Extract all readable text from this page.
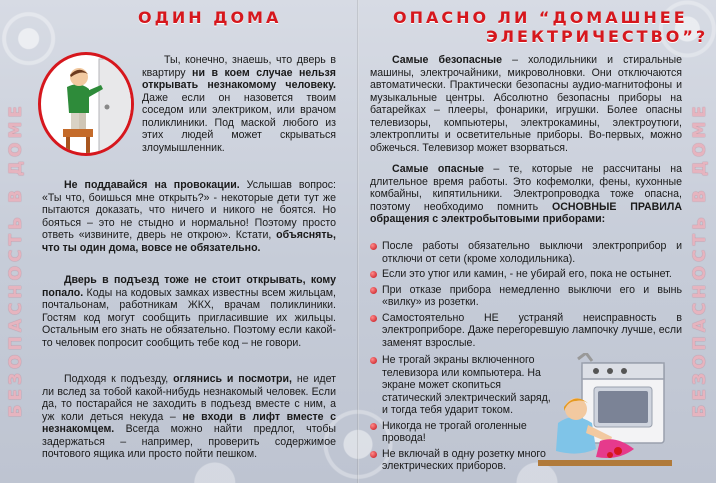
БЕЗОПАСНОСТЬ В ДОМЕ
ОДИН ДОМА
Ты, конечно, знаешь, что дверь в квартиру ни в коем случае нельзя открывать незнакомому человеку. Даже если он назовется твоим соседом или электриком, или врачом поликлиники. Под маской любого из этих людей может скрываться злоумышленник.
Не поддавайся на провокации. Услышав вопрос: «Ты что, боишься мне открыть?» - некоторые дети тут же пытаются доказать, что ничего и никого не боятся. Но бояться – это не стыдно и нормально! Поэтому просто ответь «извините, дверь не открою». Кстати, объяснять, что ты один дома, вовсе не обязательно.
Дверь в подъезд тоже не стоит открывать, кому попало. Коды на кодовых замках известны всем жильцам, почтальонам, работникам ЖКХ, врачам поликлиники. Гостям код могут сообщить пригласившие их жильцы. Остальным его знать не обязательно. Поэтому если какой-то человек попросит сообщить тебе код – не говори.
Подходя к подъезду, оглянись и посмотри, не идет ли вслед за тобой какой-нибудь незнакомый человек. Если да, то постарайся не заходить в подъезд вместе с ним, а уж коли деться некуда – не входи в лифт вместе с незнакомцем. Всегда можно найти предлог, чтобы задержаться – например, проверить содержимое почтового ящика или просто пойти пешком.
БЕЗОПАСНОСТЬ В ДОМЕ
ОПАСНО ЛИ “ДОМАШНЕЕ
ЭЛЕКТРИЧЕСТВО”?
Самые безопасные – холодильники и стиральные машины, электрочайники, микроволновки. Они отключаются автоматически. Практически безопасны аудио-магнитофоны и музыкальные центры. Абсолютно безопасны приборы на батарейках – плееры, фонарики, игрушки. Более опасны телевизоры, компьютеры, электрокамины, электроутюги, электроплиты и осветительные приборы. Во-первых, можно обжечься. Телевизор может взорваться.
Самые опасные – те, которые не рассчитаны на длительное время работы. Это кофемолки, фены, кухонные комбайны, кипятильники. Электропроводка тоже опасна, поэтому необходимо помнить ОСНОВНЫЕ ПРАВИЛА обращения с электробытовыми приборами:
После работы обязательно выключи электроприбор и отключи от сети (кроме холодильника).
Если это утюг или камин, - не убирай его, пока не остынет.
При отказе прибора немедленно выключи его и вынь «вилку» из розетки.
Самостоятельно НЕ устраняй неисправность в электроприборе. Даже перегоревшую лампочку лучше, если заменят взрослые.
Не трогай экраны включенного телевизора или компьютера. На экране может скопиться статический электрический заряд, и тогда тебя ударит током.
Никогда не трогай оголенные провода!
Не включай в одну розетку много электрических приборов.
